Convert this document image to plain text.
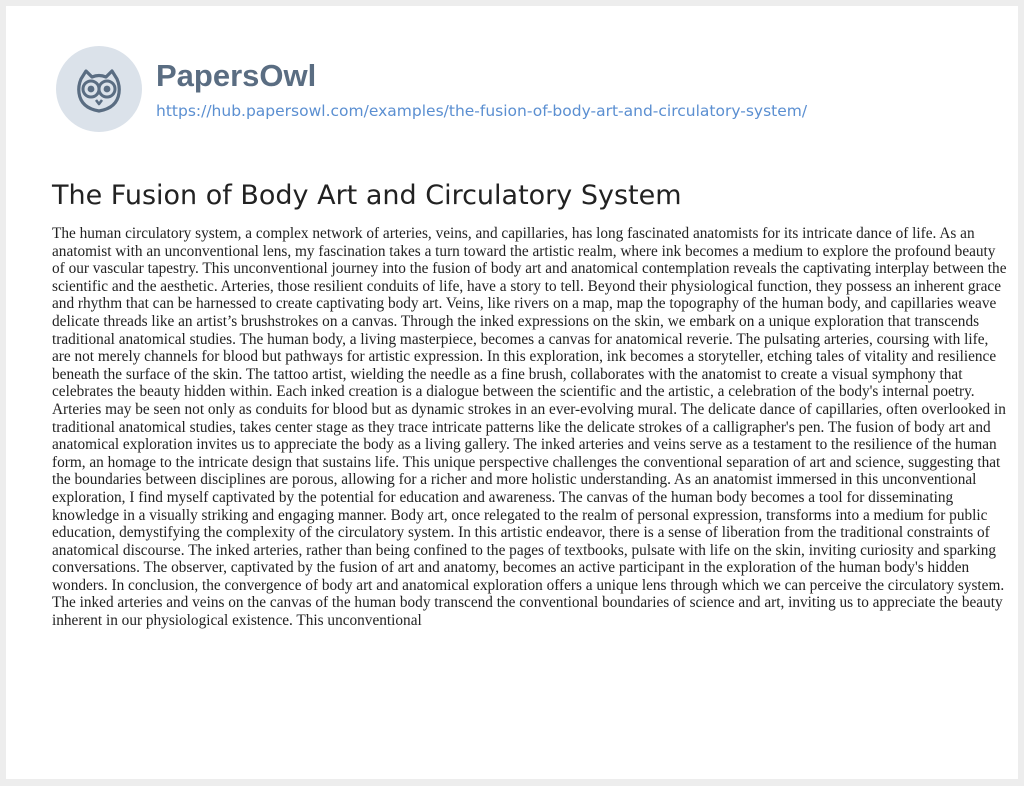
PapersOwl
https://hub.papersowl.com/examples/the-fusion-of-body-art-and-circulatory-system/
The Fusion of Body Art and Circulatory System

The human circulatory system, a complex network of arteries, veins, and capillaries, has long fascinated anatomists for its intricate dance of life. As an anatomist with an unconventional lens, my fascination takes a turn toward the artistic realm, where ink becomes a medium to explore the profound beauty of our vascular tapestry. This unconventional journey into the fusion of body art and anatomical contemplation reveals the captivating interplay between the scientific and the aesthetic. Arteries, those resilient conduits of life, have a story to tell. Beyond their physiological function, they possess an inherent grace and rhythm that can be harnessed to create captivating body art. Veins, like rivers on a map, map the topography of the human body, and capillaries weave delicate threads like an artist’s brushstrokes on a canvas. Through the inked expressions on the skin, we embark on a unique exploration that transcends traditional anatomical studies. The human body, a living masterpiece, becomes a canvas for anatomical reverie. The pulsating arteries, coursing with life, are not merely channels for blood but pathways for artistic expression. In this exploration, ink becomes a storyteller, etching tales of vitality and resilience beneath the surface of the skin. The tattoo artist, wielding the needle as a fine brush, collaborates with the anatomist to create a visual symphony that celebrates the beauty hidden within. Each inked creation is a dialogue between the scientific and the artistic, a celebration of the body's internal poetry. Arteries may be seen not only as conduits for blood but as dynamic strokes in an ever-evolving mural. The delicate dance of capillaries, often overlooked in traditional anatomical studies, takes center stage as they trace intricate patterns like the delicate strokes of a calligrapher's pen. The fusion of body art and anatomical exploration invites us to appreciate the body as a living gallery. The inked arteries and veins serve as a testament to the resilience of the human form, an homage to the intricate design that sustains life. This unique perspective challenges the conventional separation of art and science, suggesting that the boundaries between disciplines are porous, allowing for a richer and more holistic understanding. As an anatomist immersed in this unconventional exploration, I find myself captivated by the potential for education and awareness. The canvas of the human body becomes a tool for disseminating knowledge in a visually striking and engaging manner. Body art, once relegated to the realm of personal expression, transforms into a medium for public education, demystifying the complexity of the circulatory system. In this artistic endeavor, there is a sense of liberation from the traditional constraints of anatomical discourse. The inked arteries, rather than being confined to the pages of textbooks, pulsate with life on the skin, inviting curiosity and sparking conversations. The observer, captivated by the fusion of art and anatomy, becomes an active participant in the exploration of the human body's hidden wonders. In conclusion, the convergence of body art and anatomical exploration offers a unique lens through which we can perceive the circulatory system. The inked arteries and veins on the canvas of the human body transcend the conventional boundaries of science and art, inviting us to appreciate the beauty inherent in our physiological existence. This unconventional
